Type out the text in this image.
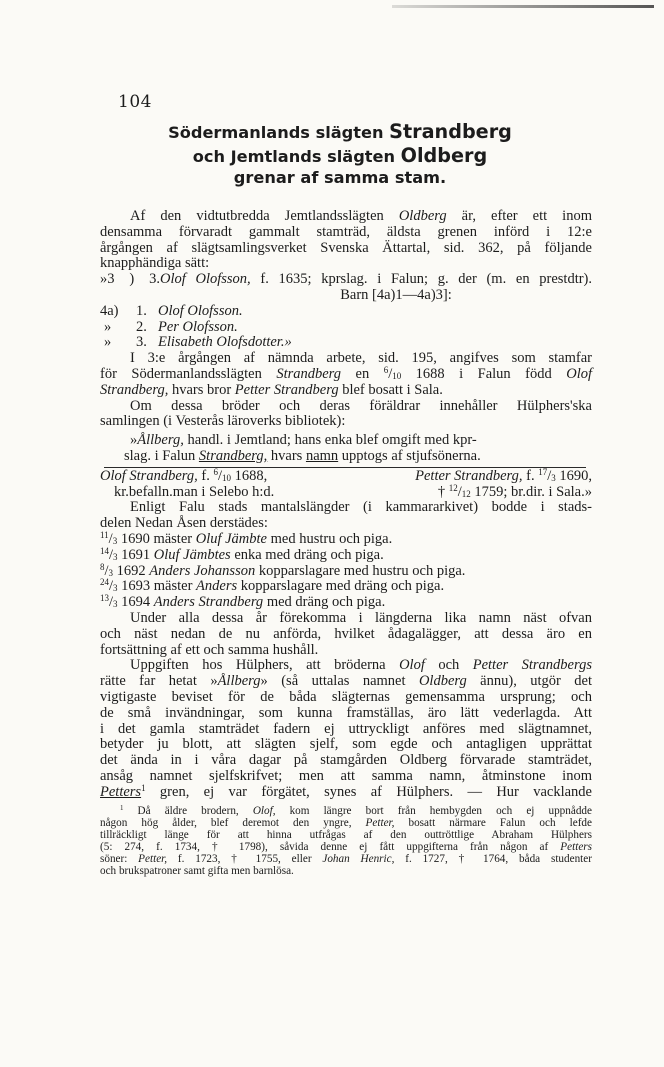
104
Södermanlands slägten Strandberg
och Jemtlands slägten Oldberg
grenar af samma stam.
Af den vidtutbredda Jemtlandsslägten Oldberg är, efter ett inom
densamma förvaradt gammalt stamträd, äldsta grenen införd i 12:e
årgången af slägtsamlingsverket Svenska Ättartal, sid. 362, på följande
knapphändiga sätt:
»3 ) 3.Olof Olofsson, f. 1635; kprslag. i Falun; g. der (m. en prestdtr).
Barn [4a)1—4a)3]:
4a) 1. Olof Olofsson.
» 2. Per Olofsson.
» 3. Elisabeth Olofsdotter.»
I 3:e årgången af nämnda arbete, sid. 195, angifves som stamfar
för Södermanlandsslägten Strandberg en $^6/_{10}$ 1688 i Falun född Olof
Strandberg, hvars bror Petter Strandberg blef bosatt i Sala.
Om dessa bröder och deras föräldrar innehåller Hülphers'ska
samlingen (i Vesterås läroverks bibliotek):
»Ållberg, handl. i Jemtland; hans enka blef omgift med kpr-
slag. i Falun Strandberg, hvars namn upptogs af stjufsönerna.
Olof Strandberg, f. $^6/_{10}$ 1688,	Petter Strandberg, f. $^{17}/_3$ 1690,
kr.befalln.man i Selebo h:d.	† $^{12}/_{12}$ 1759; br.dir. i Sala.»
Enligt Falu stads mantalslängder (i kammararkivet) bodde i stads-
delen Nedan Åsen derstädes:
$^{11}/_3$ 1690 mäster Oluf Jämbte med hustru och piga.
$^{14}/_3$ 1691 Oluf Jämbtes enka med dräng och piga.
$^8/_3$ 1692 Anders Johansson kopparslagare med hustru och piga.
$^{24}/_3$ 1693 mäster Anders kopparslagare med dräng och piga.
$^{13}/_3$ 1694 Anders Strandberg med dräng och piga.
Under alla dessa år förekomma i längderna lika namn näst ofvan
och näst nedan de nu anförda, hvilket ådagalägger, att dessa äro en
fortsättning af ett och samma hushåll.
Uppgiften hos Hülphers, att bröderna Olof och Petter Strandbergs
rätte far hetat »Ållberg» (så uttalas namnet Oldberg ännu), utgör det
vigtigaste beviset för de båda slägternas gemensamma ursprung; och
de små invändningar, som kunna framställas, äro lätt vederlagda. Att
i det gamla stamträdet fadern ej uttryckligt anföres med slägtnamnet,
betyder ju blott, att slägten sjelf, som egde och antagligen upprättat
det ända in i våra dagar på stamgården Oldberg förvarade stamträdet,
ansåg namnet sjelfskrifvet; men att samma namn, åtminstone inom
Petters$^1$ gren, ej var förgätet, synes af Hülphers. — Hur vacklande
$^1$ Då äldre brodern, Olof, kom längre bort från hembygden och ej uppnådde
någon hög ålder, blef deremot den yngre, Petter, bosatt närmare Falun och lefde
tillräckligt länge för att hinna utfrågas af den outtröttlige Abraham Hülphers
(5: 274, f. 1734, † 1798), såvida denne ej fått uppgifterna från någon af Petters
söner: Petter, f. 1723, † 1755, eller Johan Henric, f. 1727, † 1764, båda studenter
och brukspatroner samt gifta men barnlösa.
